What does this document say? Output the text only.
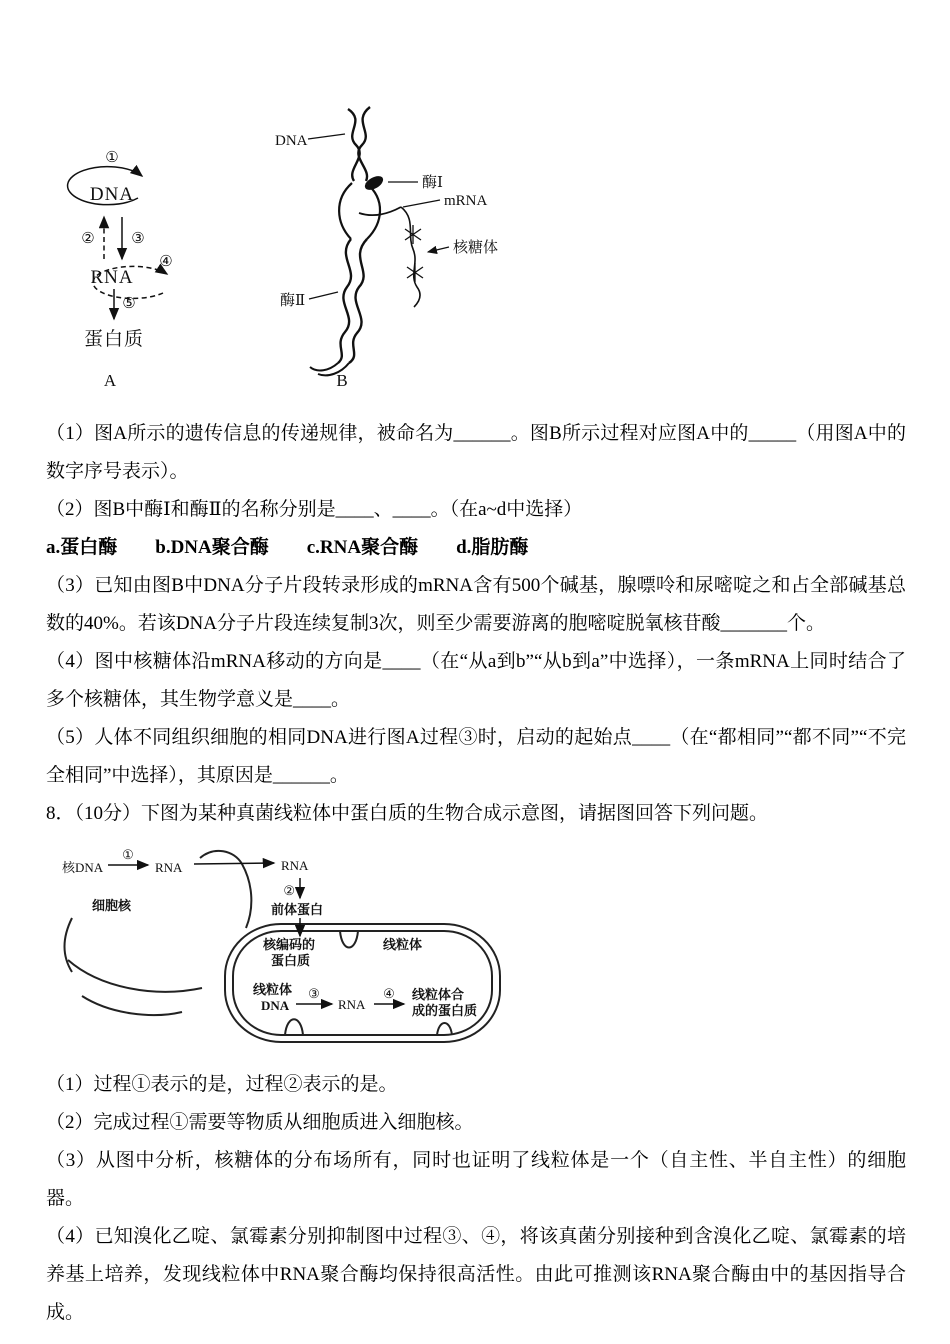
①
DNA
② ③
RNA
④
⑤
蛋白质
A
DNA
酶Ⅰ
mRNA
核糖体
酶Ⅱ
B

（1）图A所示的遗传信息的传递规律，被命名为______。图B所示过程对应图A中的_____（用图A中的数字序号表示）。

（2）图B中酶Ⅰ和酶Ⅱ的名称分别是____、____。（在a~d中选择）

a.蛋白酶　　b.DNA聚合酶　　c.RNA聚合酶　　d.脂肪酶

（3）已知由图B中DNA分子片段转录形成的mRNA含有500个碱基，腺嘌呤和尿嘧啶之和占全部碱基总数的40%。若该DNA分子片段连续复制3次，则至少需要游离的胞嘧啶脱氧核苷酸_______个。

（4）图中核糖体沿mRNA移动的方向是____（在“从a到b”“从b到a”中选择），一条mRNA上同时结合了多个核糖体，其生物学意义是____。

（5）人体不同组织细胞的相同DNA进行图A过程③时，启动的起始点____（在“都相同”“都不同”“不完全相同”中选择），其原因是______。

8．（10分）下图为某种真菌线粒体中蛋白质的生物合成示意图，请据图回答下列问题。

核DNA
①
RNA	RNA
②
前体蛋白
细胞核
核编码的
蛋白质
线粒体
线粒体
DNA
③
RNA
④ 线粒体合
成的蛋白质

（1）过程①表示的是，过程②表示的是。

（2）完成过程①需要等物质从细胞质进入细胞核。

（3）从图中分析，核糖体的分布场所有，同时也证明了线粒体是一个（自主性、半自主性）的细胞器。

（4）已知溴化乙啶、氯霉素分别抑制图中过程③、④，将该真菌分别接种到含溴化乙啶、氯霉素的培养基上培养，发现线粒体中RNA聚合酶均保持很高活性。由此可推测该RNA聚合酶由中的基因指导合成。
